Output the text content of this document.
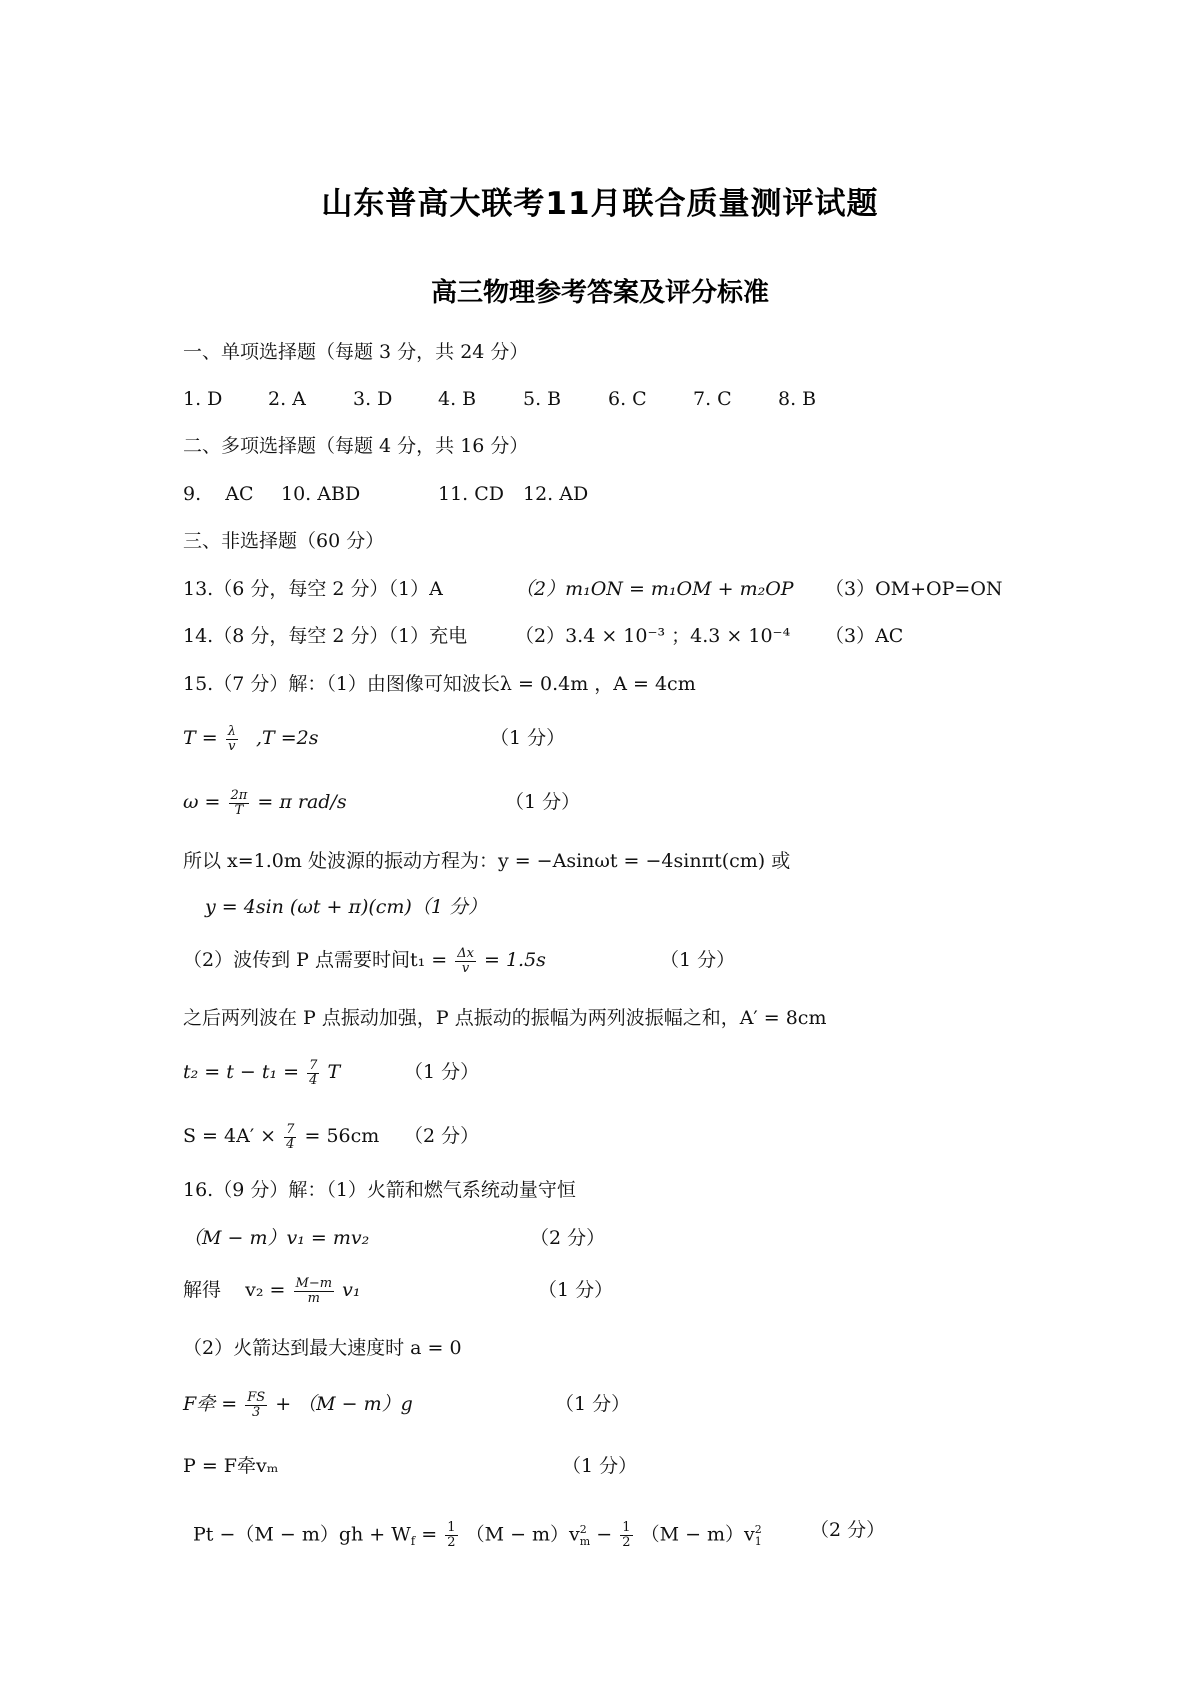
山东普高大联考11月联合质量测评试题
高三物理参考答案及评分标准
一、单项选择题（每题 3 分，共 24 分）
1. D 2. A 3. D 4. B 5. B 6. C 7. C 8. B
二、多项选择题（每题 4 分，共 16 分）
9.    AC 10. ABD	11. CD 12. AD
三、非选择题（60 分）
13.（6 分，每空 2 分）（1）A	（2）m₁ON = m₁OM + m₂OP （3）OM+OP=ON
14.（8 分，每空 2 分）（1）充电	（2）3.4 × 10⁻³ ；4.3 × 10⁻⁴ （3）AC
15.（7 分）解：（1）由图像可知波长λ = 0.4m ，A = 4cm
$T = \frac{\lambda}{v} ,T =2s$	（1 分）
$\omega = \frac{2\pi}{T} = \pi$ rad/s	（1 分）
所以 x=1.0m 处波源的振动方程为：y = −Asinωt = −4sinπt(cm) 或
y = 4sin (ωt + π)(cm)（1 分）
（2）波传到 P 点需要时间$t_1 = \frac{\Delta x}{v} = 1.5s$	（1 分）
之后两列波在 P 点振动加强，P 点振动的振幅为两列波振幅之和，A′ = 8cm
$t_2 = t - t_1 = \frac{7}{4}$ T	（1 分）
$S = 4A' \times \frac{7}{4} = 56cm$ （2 分）
16.（9 分）解：（1）火箭和燃气系统动量守恒
（M − m）v₁ = mv₂	（2 分）
解得    $v_2 = \frac{M-m}{m} v_1$	（1 分）
（2）火箭达到最大速度时 a = 0
F牵 = $\frac{FS}{3} + (M - m)g$	（1 分）
P = F牵vₘ	（1 分）
$Pt -(M - m)gh + W_f = \frac{1}{2} (M - m)v^2_m - \frac{1}{2} (M - m)v^2_1$
（2 分）
